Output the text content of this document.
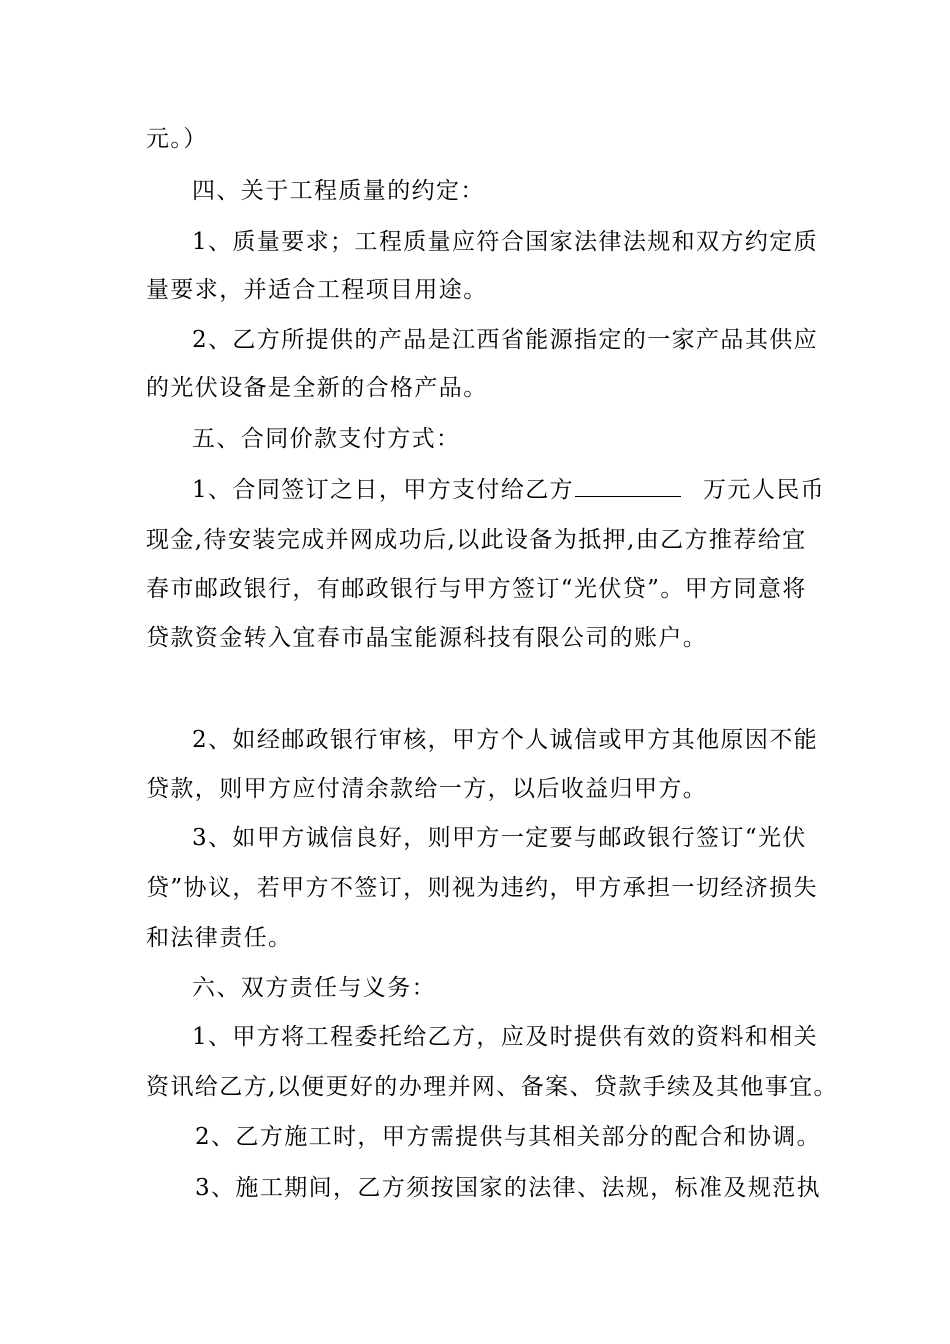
元。）
四、关于工程质量的约定：
1、质量要求；工程质量应符合国家法律法规和双方约定质
量要求，并适合工程项目用途。
2、乙方所提供的产品是江西省能源指定的一家产品其供应
的光伏设备是全新的合格产品。
五、合同价款支付方式：
1、合同签订之日，甲方支付给乙方	万元人民币
现金,待安装完成并网成功后,以此设备为抵押,由乙方推荐给宜
春市邮政银行，有邮政银行与甲方签订“光伏贷”。甲方同意将
贷款资金转入宜春市晶宝能源科技有限公司的账户。
2、如经邮政银行审核，甲方个人诚信或甲方其他原因不能
贷款，则甲方应付清余款给一方，以后收益归甲方。
3、如甲方诚信良好，则甲方一定要与邮政银行签订“光伏
贷”协议，若甲方不签订，则视为违约，甲方承担一切经济损失
和法律责任。
六、双方责任与义务：
1、甲方将工程委托给乙方，应及时提供有效的资料和相关
资讯给乙方,以便更好的办理并网、备案、贷款手续及其他事宜。
2、乙方施工时，甲方需提供与其相关部分的配合和协调。
3、施工期间，乙方须按国家的法律、法规，标准及规范执
